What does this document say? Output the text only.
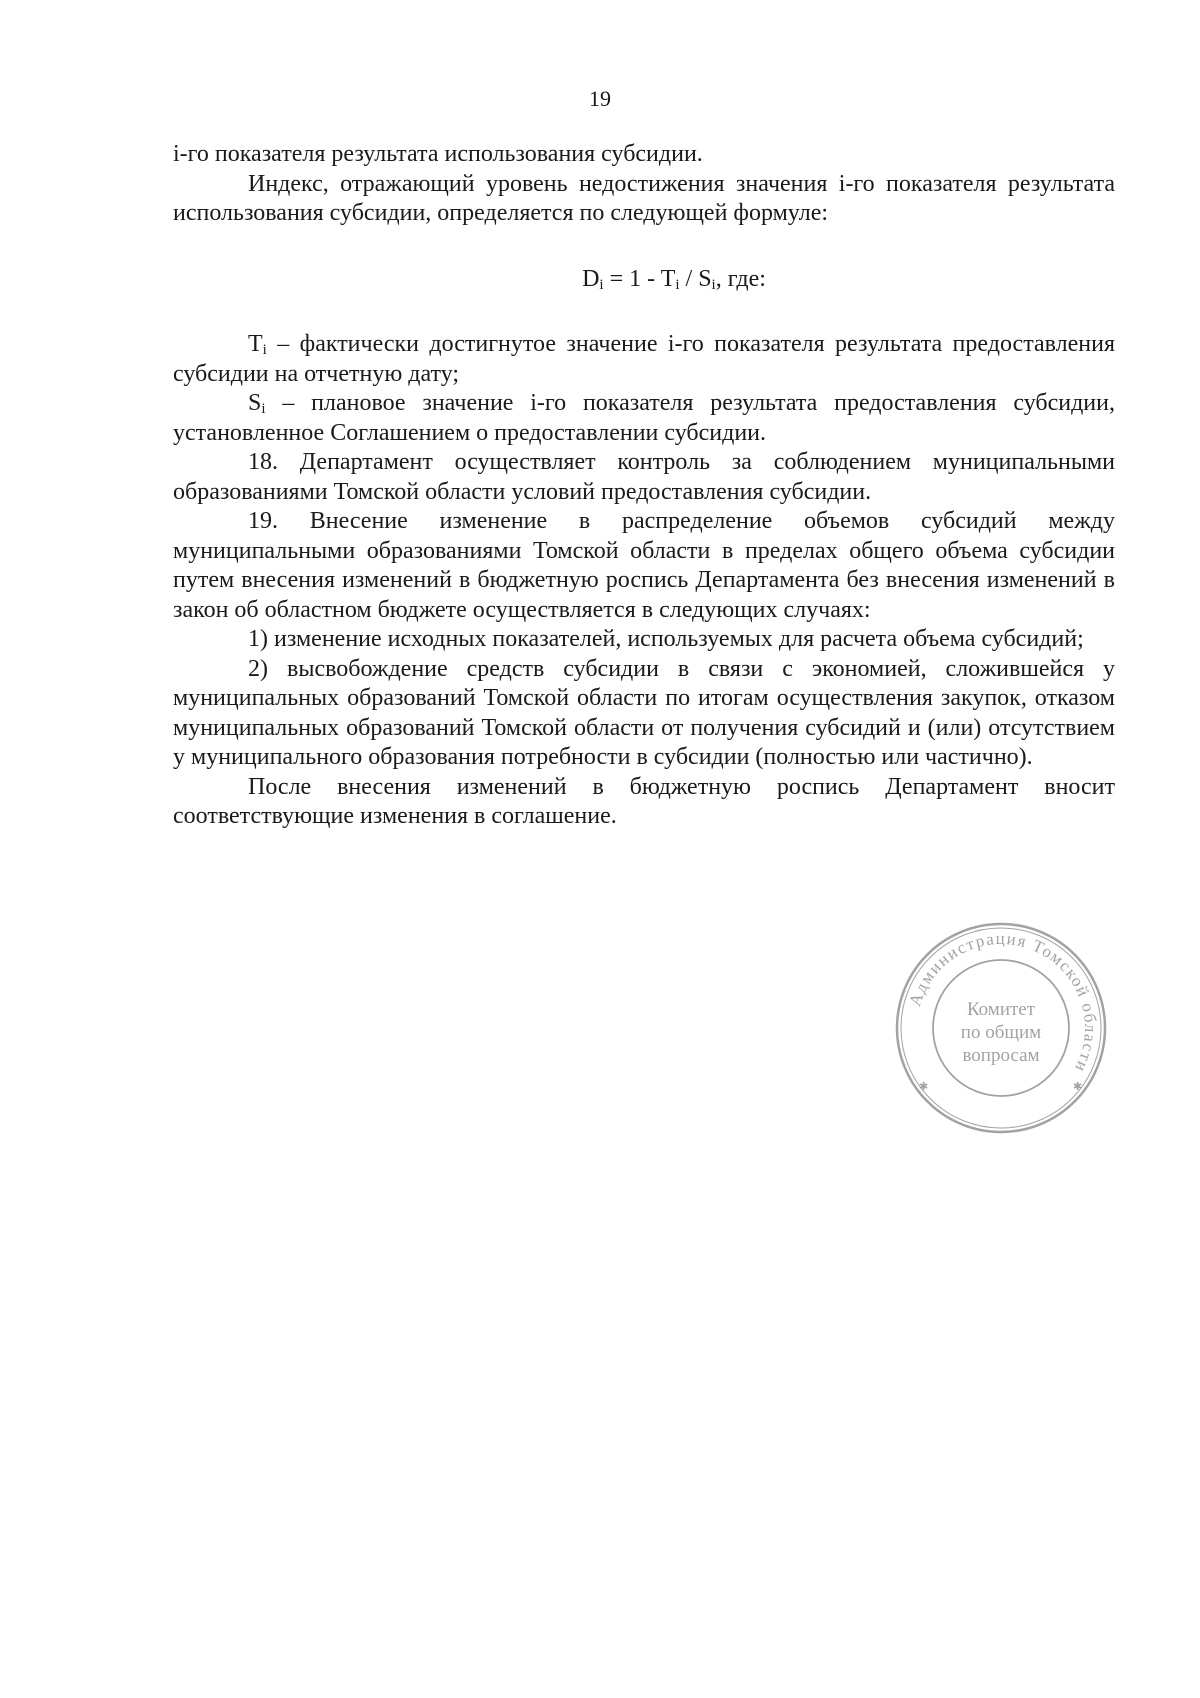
19

i-го показателя результата использования субсидии.

Индекс, отражающий уровень недостижения значения i-го показателя результата использования субсидии, определяется по следующей формуле:

$D_i = 1 - T_i / S_i$, где:

$T_i$ – фактически достигнутое значение i-го показателя результата предоставления субсидии на отчетную дату;

$S_i$ – плановое значение i-го показателя результата предоставления субсидии, установленное Соглашением о предоставлении субсидии.

18. Департамент осуществляет контроль за соблюдением муниципальными образованиями Томской области условий предоставления субсидии.

19. Внесение изменение в распределение объемов субсидий между муниципальными образованиями Томской области в пределах общего объема субсидии путем внесения изменений в бюджетную роспись Департамента без внесения изменений в закон об областном бюджете осуществляется в следующих случаях:

1) изменение исходных показателей, используемых для расчета объема субсидий;

2) высвобождение средств субсидии в связи с экономией, сложившейся у муниципальных образований Томской области по итогам осуществления закупок, отказом муниципальных образований Томской области от получения субсидий и (или) отсутствием у муниципального образования потребности в субсидии (полностью или частично).

После внесения изменений в бюджетную роспись Департамент вносит соответствующие изменения в соглашение.

Администрация Томской области
Комитет
по общим
вопросам
✱	✱
